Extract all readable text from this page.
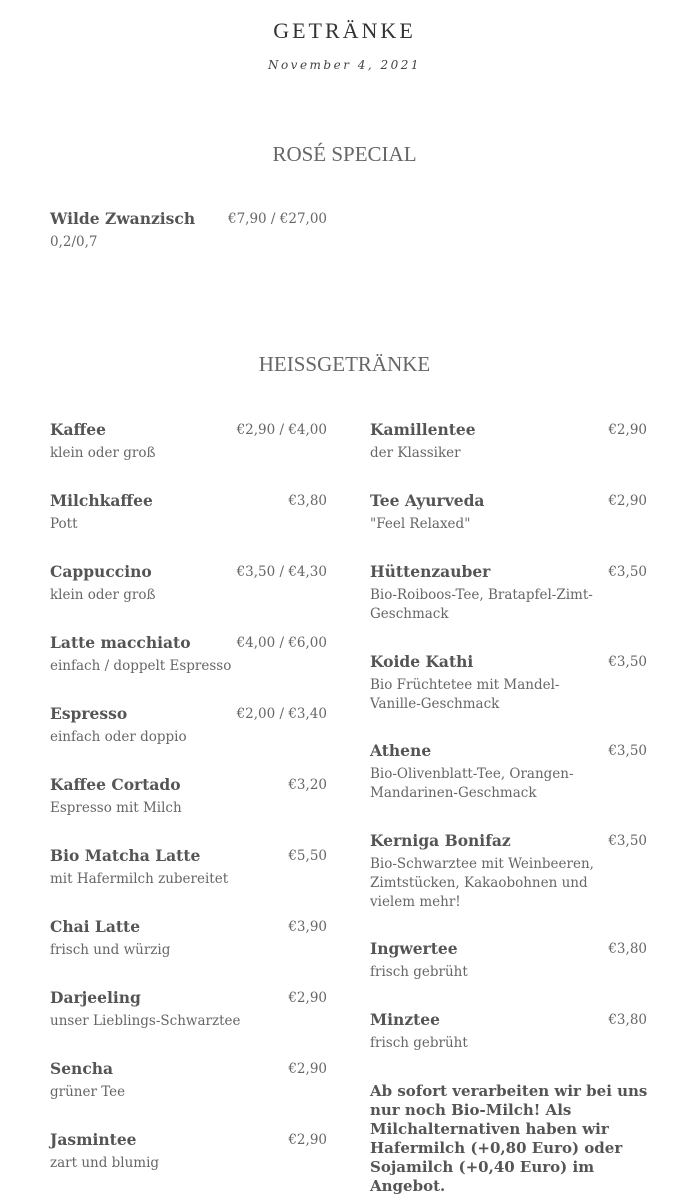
GETRÄNKE
November 4, 2021
ROSÉ SPECIAL
Wilde Zwanzisch	€7,90 / €27,00
0,2/0,7
HEISSGETRÄNKE
Kaffee	€2,90 / €4,00
klein oder groß
Milchkaffee	€3,80
Pott
Cappuccino	€3,50 / €4,30
klein oder groß
Latte macchiato	€4,00 / €6,00
einfach / doppelt Espresso
Espresso	€2,00 / €3,40
einfach oder doppio
Kaffee Cortado	€3,20
Espresso mit Milch
Bio Matcha Latte	€5,50
mit Hafermilch zubereitet
Chai Latte	€3,90
frisch und würzig
Darjeeling	€2,90
unser Lieblings-Schwarztee
Sencha	€2,90
grüner Tee
Jasmintee	€2,90
zart und blumig
Kamillentee	€2,90
der Klassiker
Tee Ayurveda	€2,90
"Feel Relaxed"
Hüttenzauber	€3,50
Bio-Roiboos-Tee, Bratapfel-Zimt-Geschmack
Koide Kathi	€3,50
Bio Früchtetee mit Mandel-Vanille-Geschmack
Athene	€3,50
Bio-Olivenblatt-Tee, Orangen-Mandarinen-Geschmack
Kerniga Bonifaz	€3,50
Bio-Schwarztee mit Weinbeeren, Zimtstücken, Kakaobohnen und vielem mehr!
Ingwertee	€3,80
frisch gebrüht
Minztee	€3,80
frisch gebrüht
Ab sofort verarbeiten wir bei uns nur noch Bio-Milch! Als Milchalternativen haben wir Hafermilch (+0,80 Euro) oder Sojamilch (+0,40 Euro) im Angebot.
